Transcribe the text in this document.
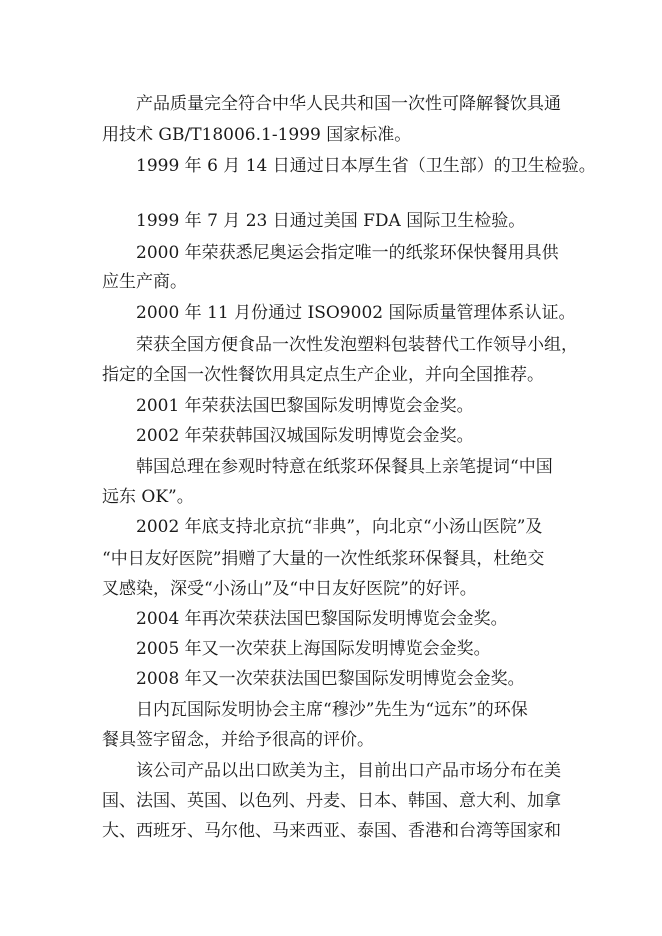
产品质量完全符合中华人民共和国一次性可降解餐饮具通

用技术 GB/T18006.1-1999 国家标准。

1999 年 6 月 14 日通过日本厚生省（卫生部）的卫生检验。

1999 年 7 月 23 日通过美国 FDA 国际卫生检验。

2000 年荣获悉尼奥运会指定唯一的纸浆环保快餐用具供

应生产商。

2000 年 11 月份通过 ISO9002 国际质量管理体系认证。

荣获全国方便食品一次性发泡塑料包装替代工作领导小组，

指定的全国一次性餐饮用具定点生产企业，并向全国推荐。

2001 年荣获法国巴黎国际发明博览会金奖。

2002 年荣获韩国汉城国际发明博览会金奖。

韩国总理在参观时特意在纸浆环保餐具上亲笔提词“中国

远东 OK”。

2002 年底支持北京抗“非典”，向北京“小汤山医院”及

“中日友好医院”捐赠了大量的一次性纸浆环保餐具，杜绝交

叉感染，深受“小汤山”及“中日友好医院”的好评。

2004 年再次荣获法国巴黎国际发明博览会金奖。

2005 年又一次荣获上海国际发明博览会金奖。

2008 年又一次荣获法国巴黎国际发明博览会金奖。

日内瓦国际发明协会主席“穆沙”先生为“远东”的环保

餐具签字留念，并给予很高的评价。

该公司产品以出口欧美为主，目前出口产品市场分布在美

国、法国、英国、以色列、丹麦、日本、韩国、意大利、加拿

大、西班牙、马尔他、马来西亚、泰国、香港和台湾等国家和
